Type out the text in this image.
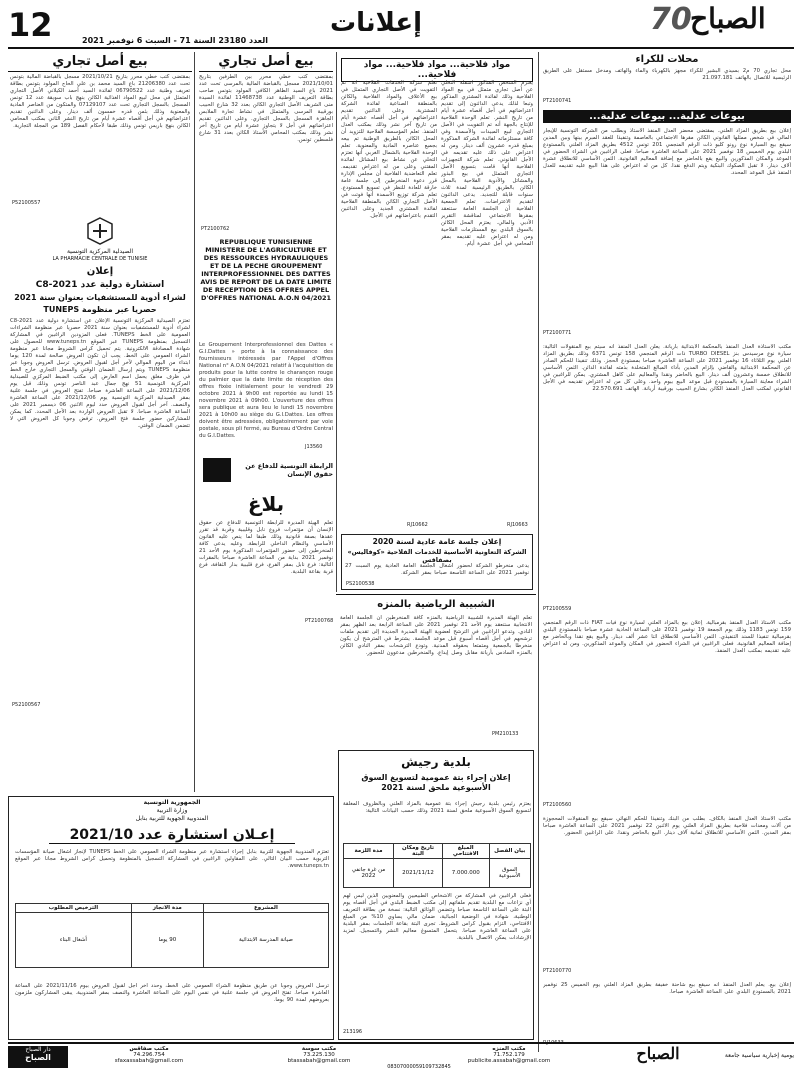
12	إعلانات	70
الصباح
العدد 23180 السنة 71 - السبت 6 نوفمبر 2021
بيع أصل تجاري
بمقتضى كتب خطي محرر بتاريخ 2021/10/21 مسجل بالقباضة المالية بتونس تحت عدد 21206380 باع السيد محمد بن علي الحاج المولود بتونس بطاقة تعريف وطنية عدد 06790522 لفائدة السيد أحمد الكيلاني الأصل التجاري المتمثل في محل لبيع المواد الغذائية الكائن بنهج باب سويقة عدد 12 تونس المسجل بالسجل التجاري تحت عدد 07129107 والمتكون من العناصر المادية والمعنوية وذلك بثمن قدره خمسون ألف دينار. وعلى الدائنين تقديم اعتراضاتهم في أجل أقصاه عشرة أيام من تاريخ النشر الثاني بمكتب المحامي الكائن بنهج باريس تونس وذلك طبقا لأحكام الفصل 189 من المجلة التجارية.
P52100557
الصيدلية المركزية التونسية
LA PHARMACIE CENTRALE DE TUNISIE
إعلان
استشارة دولية عدد 2021-C8
لشراء أدوية للمستشفيات بعنوان سنة 2021
حصريا عبر منظومة TUNEPS
تعتزم الصيدلية المركزية التونسية الإعلان عن استشارة دولية عدد 2021-C8 لشراء أدوية للمستشفيات بعنوان سنة 2021 حصريا عبر منظومة الشراءات العمومية على الخط TUNEPS. فعلى المزودين الراغبين في المشاركة التسجيل بمنظومة TUNEPS عبر الموقع www.tuneps.tn للحصول على شهادة المصادقة الالكترونية. يتم تحميل كراس الشروط مجانا عبر منظومة الشراء العمومي على الخط. يجب أن تكون العروض صالحة لمدة 120 يوما ابتداء من اليوم الموالي لآخر أجل لقبول العروض. ترسل العروض وجوبا عبر منظومة TUNEPS ويتم إرسال الضمان الوقتي والسجل التجاري خارج الخط في ظرف مغلق يحمل اسم العارض إلى مكتب الضبط المركزي للصيدلية المركزية التونسية 51 نهج جمال عبد الناصر تونس وذلك قبل يوم 2021/12/06 على الساعة العاشرة صباحا. تفتح العروض في جلسة علنية بمقر الصيدلية المركزية التونسية يوم 2021/12/06 على الساعة العاشرة والنصف. آخر أجل لقبول العروض حدد ليوم الاثنين 06 ديسمبر 2021 على الساعة العاشرة صباحا. لا تقبل العروض الواردة بعد الأجل المحدد. كما يمكن للمشاركين حضور جلسة فتح العروض. ترفض وجوبا كل العروض التي لا تتضمن الضمان الوقتي.
P52100567
بيع أصل تجاري
بمقتضى كتب خطي محرر بين الطرفين بتاريخ 2021/10/01 مسجل بالقباضة المالية بالمرسى تحت عدد 2021 باع السيد الطاهر الكافي المولود بتونس صاحب بطاقة التعريف الوطنية عدد 11468738 لفائدة السيدة منى الشريف الأصل التجاري الكائن بعدد 32 شارع الحبيب بورقيبة المرسى والمتمثل في نشاط تجارة الملابس الجاهزة المسجل بالسجل التجاري. وعلى الدائنين تقديم اعتراضاتهم في أجل لا يتجاوز عشرة أيام من تاريخ آخر نشر وذلك بمكتب المحامي الأستاذ الكائن بعدد 31 شارع فلسطين تونس.
PT2100762
REPUBLIQUE TUNISIENNE MINISTERE DE L'AGRICULTURE ET DES RESSOURCES HYDRAULIQUES ET DE LA PECHE GROUPEMENT INTERPROFESSIONNEL DES DATTES AVIS DE REPORT DE LA DATE LIMITE DE RECEPTION DES OFFRES APPEL D'OFFRES NATIONAL A.O.N 04/2021
Le Groupement Interprofessionnel des Dattes « G.I.Dattes » porte à la connaissance des fournisseurs intéressés par l'Appel d'Offres National n° A.O.N 04/2021 relatif à l'acquisition de produits pour la lutte contre le charançon rouge du palmier que la date limite de réception des offres fixée initialement pour le vendredi 29 octobre 2021 à 9h00 est reportée au lundi 15 novembre 2021 à 09h00. L'ouverture des offres sera publique et aura lieu le lundi 15 novembre 2021 à 10h00 au siège du G.I.Dattes. Les offres doivent être adressées, obligatoirement par voie postale, sous pli fermé, au Bureau d'Ordre Central du G.I.Dattes.
J13560
الرابطة التونسية للدفاع عن حقوق الإنسان
بلاغ
تعلم الهيئة المديرة للرابطة التونسية للدفاع عن حقوق الإنسان أن مؤتمرات فروع نابل وقليبية وقربة قد تقرر عقدها بصفة قانونية وذلك طبقا لما ينص عليه القانون الأساسي والنظام الداخلي للرابطة. وعليه يدعى كافة المنخرطين إلى حضور المؤتمرات المذكورة يوم الأحد 21 نوفمبر 2021 بداية من الساعة العاشرة صباحا بالمقرات التالية: فرع نابل بمقر الفرع، فرع قليبية بدار الثقافة، فرع قربة بقاعة البلدية.
PT2100768
مواد فلاحية... مواد فلاحية... مواد فلاحية...
يعتزم الشخص المذكور أسفله التخلي عن أصل تجاري متمثل في بيع المواد الفلاحية وذلك لفائدة المشتري المذكور وتبعا لذلك يدعى الدائنون إلى تقديم اعتراضاتهم في أجل أقصاه عشرة أيام من تاريخ النشر. تعلم الوحدة الفلاحية للإنتاج بالجهة أنه تم التفويت في الأصل التجاري لبيع المبيدات والأسمدة وفي كافة مستلزماته لفائدة الشركة المذكورة بمبلغ قدره عشرون ألف دينار. ومن له اعتراض على ذلك عليه تقديمه في الأجل القانوني. تعلم شركة التجهيزات الفلاحية أنها قامت بتسويغ الأصل التجاري المتمثل في بيع البذور والمشاتل والأدوية الفلاحية بالمحل الكائن بالطريق الرئيسية لمدة ثلاث سنوات قابلة للتجديد. يدعى الدائنون لتقديم الاعتراضات. تعلم الجمعية الفلاحية أن الجلسة العامة ستنعقد بمقرها الاجتماعي لمناقشة التقرير الأدبي والمالي. يعتزم المحل الكائن بالسوق البلدي بيع المستلزمات الفلاحية ومن له اعتراض عليه تقديمه بمقر المحامي في أجل عشرة أيام.
تعلم شركة الخدمات الفلاحية أنه تم التفويت في الأصل التجاري المتمثل في بيع الأعلاف والمواد الفلاحية والكائن بالمنطقة الصناعية لفائدة الشركة المشترية. وعلى الدائنين تقديم اعتراضاتهم في أجل أقصاه عشرة أيام من تاريخ آخر نشر وذلك بمكتب العدل المنفذ. تعلم المؤسسة الفلاحية للتزويد أن المحل الكائن بالطريق الوطنية تم بيعه بجميع عناصره المادية والمعنوية. تعلم الوحدة الفلاحية بالشمال الغربي أنها تعتزم التخلي عن نشاط بيع المشاتل لفائدة المقتني وعلى من له اعتراض تقديمه. تعلم التعاضدية الفلاحية أن مجلس الإدارة قرر دعوة المنخرطين إلى جلسة عامة خارقة للعادة للنظر في تسويغ المستودع. تعلم شركة توزيع الأسمدة أنها فوتت في الأصل التجاري الكائن بالمنطقة الفلاحية لفائدة المشتري الجديد وعلى الدائنين التقدم باعتراضاتهم في الأجل.
RJ10663
RJ10662
إعلان جلسة عامة عادية لسنة 2020
الشركة التعاونية الأساسية للخدمات الفلاحية «كوفاليس» بصفاقس
يدعى منخرطو الشركة لحضور أشغال الجلسة العامة العادية يوم السبت 27 نوفمبر 2021 على الساعة التاسعة صباحا بمقر الشركة.
PS2100538
محلات للكراء
محل تجاري 70 م2 بسيدي البشير للكراء مجهز بالكهرباء والماء والهاتف ومدخل مستقل على الطريق الرئيسية للاتصال بالهاتف 21.097.181
PT2100741
بيوعات عدلية... بيوعات عدلية...
إعلان بيع بطريق المزاد العلني. بمقتضى محضر العدل المنفذ الأستاذ وبطلب من الشركة التونسية للإيجار المالي في شخص ممثلها القانوني الكائن مقرها الاجتماعي بالعاصمة وتنفيذا للعقد المبرم بينها وبين المدين سيقع بيع السيارة نوع رونو كليو ذات الرقم المنجمي 201 تونس 4512 بطريق المزاد العلني بالمستودع البلدي يوم الخميس 18 نوفمبر 2021 على الساعة العاشرة صباحا. فعلى الراغبين في الشراء الحضور في الموعد والمكان المذكورين والبيع يقع بالحاضر مع إضافة المعاليم القانونية. الثمن الأساسي للانطلاق عشرة آلاف دينار. لا تقبل الصكوك البنكية ويتم الدفع نقدا. كل من له اعتراض على هذا البيع عليه تقديمه للعدل المنفذ قبل الموعد المحدد.
PT2100771
مكتب الأستاذة العدل المنفذ بالمحكمة الابتدائية بأريانة. يعلن العدل المنفذ أنه سيتم بيع المنقولات التالية: سيارة نوع مرسيدس بنز TURBO DIESEL ذات الرقم المنجمي 158 تونس 6371 وذلك بطريق المزاد العلني يوم الثلاثاء 16 نوفمبر 2021 على الساعة العاشرة صباحا بمستودع الحجز. وذلك تنفيذا للحكم الصادر عن المحكمة الابتدائية والقاضي بإلزام المدين بأداء المبالغ المتخلدة بذمته لفائدة الدائن. الثمن الأساسي للانطلاق خمسة وعشرون ألف دينار. البيع بالحاضر ونقدا والمعاليم على كاهل المشتري. يمكن للراغبين في الشراء معاينة السيارة بالمستودع قبل موعد البيع بيوم واحد. وعلى كل من له اعتراض تقديمه في الأجل القانوني لمكتب العدل المنفذ الكائن بشارع الحبيب بورقيبة أريانة. الهاتف 22.570.691
PT2100559
مكتب الأستاذ العدل المنفذ بقرمبالية. إعلان بيع بالمزاد العلني لسيارة نوع فيات FIAT ذات الرقم المنجمي 159 تونس 1183 وذلك يوم الجمعة 19 نوفمبر 2021 على الساعة الحادية عشرة صباحا بالمستودع البلدي بقرمبالية تنفيذا للسند التنفيذي. الثمن الأساسي للانطلاق اثنا عشر ألف دينار. والبيع يقع نقدا وبالحاضر مع إضافة المعاليم القانونية. فعلى الراغبين في الشراء الحضور في المكان والموعد المذكورين. ومن له اعتراض عليه تقديمه بمكتب العدل المنفذ.
PT2100560
مكتب الأستاذ العدل المنفذ بالكاف. بطلب من البنك وتنفيذا للحكم النهائي سيقع بيع المنقولات المحجوزة من آلات ومعدات فلاحية بطريق المزاد العلني يوم الاثنين 22 نوفمبر 2021 على الساعة العاشرة صباحا بمقر المدين. الثمن الأساسي للانطلاق ثمانية آلاف دينار. البيع بالحاضر ونقدا. على الراغبين الحضور.
PT2100770
إعلان بيع. يعلم العدل المنفذ أنه سيقع بيع شاحنة خفيفة بطريق المزاد العلني يوم الخميس 25 نوفمبر 2021 بالمستودع البلدي على الساعة العاشرة صباحا.
RJ10633
الشبيبة الرياضية بالمنزه
تعلم الهيئة المديرة للشبيبة الرياضية بالمنزه كافة المنخرطين أن الجلسة العامة الانتخابية ستنعقد يوم الأحد 21 نوفمبر 2021 على الساعة الرابعة بعد الظهر بمقر النادي. وتدعو الراغبين في الترشح لعضوية الهيئة المديرة الجديدة إلى تقديم ملفات ترشحهم في أجل أقصاه أسبوع قبل موعد الجلسة. يشترط في المترشح أن يكون منخرطا بالجمعية ومتمتعا بحقوقه المدنية. وتودع الترشحات بمقر النادي الكائن بالمنزه السادس بأريانة مقابل وصل إيداع. والمنخرطين مدعوون للحضور.
PM210133
الجمهورية التونسية
وزارة التربية
المندوبية الجهوية للتربية بنابل
إعـلان استشارة عدد 2021/10
تعتزم المندوبية الجهوية للتربية بنابل إجراء استشارة عبر منظومة الشراء العمومي على الخط TUNEPS لإنجاز أشغال صيانة المؤسسات التربوية حسب البيان التالي. على المقاولين الراغبين في المشاركة التسجيل بالمنظومة وتحميل كراس الشروط مجانا عبر الموقع www.tuneps.tn.
المشروع	مدة الانجاز	الترخيص المطلوب
صيانة المدرسة الابتدائية	90 يوما	أشغال البناء
ترسل العروض وجوبا عن طريق منظومة الشراء العمومي على الخط، وحدد آخر أجل لقبول العروض بيوم 2021/11/16 على الساعة العاشرة صباحا. تفتح العروض في جلسة علنية في نفس اليوم على الساعة العاشرة والنصف بمقر المندوبية. يبقى المشاركون ملزمون بعروضهم لمدة 90 يوما.
بلدية رجيش
إعلان إجراء بتة عمومية لتسويغ السوق الأسبوعية ملحق لسنة 2021
يعتزم رئيس بلدية رجيش إجراء بتة عمومية بالمزاد العلني وبالظروف المغلقة لتسويغ السوق الأسبوعية ملحق لسنة 2021 وذلك حسب البيانات التالية:
بيان الفصل	المبلغ الافتتاحي	تاريخ ومكان البتة	مدة اللزمة
السوق الأسبوعية	7.000.000	2021/11/12	من غرة جانفي 2022
فعلى الراغبين في المشاركة من الأشخاص الطبيعيين والمعنويين الذين ليس لهم أي نزاعات مع البلدية تقديم ملفاتهم إلى مكتب الضبط البلدي في أجل أقصاه يوم البتة على الساعة التاسعة صباحا وتتضمن الوثائق التالية: نسخة من بطاقة التعريف الوطنية، شهادة في الوضعية الجبائية، ضمان مالي يساوي 10% من المبلغ الافتتاحي، التزام بقبول كراس الشروط. تجرى البتة بقاعة الجلسات بمقر البلدية على الساعة العاشرة صباحا. يتحمل المتسوغ معاليم النشر والتسجيل. لمزيد الإرشادات يمكن الاتصال بالبلدية.
213196
دار الصباح
الصباح
مكتب صفاقس
74.296.754
sfaxassabah@gmail.com
مكتب سوسة
73.225.130
btassabah@gmail.com
مكتب المنزه
71.752.179
publicite.assabah@gmail.com
08307000059109732845
الصباح	يومية إخبارية سياسية جامعة
